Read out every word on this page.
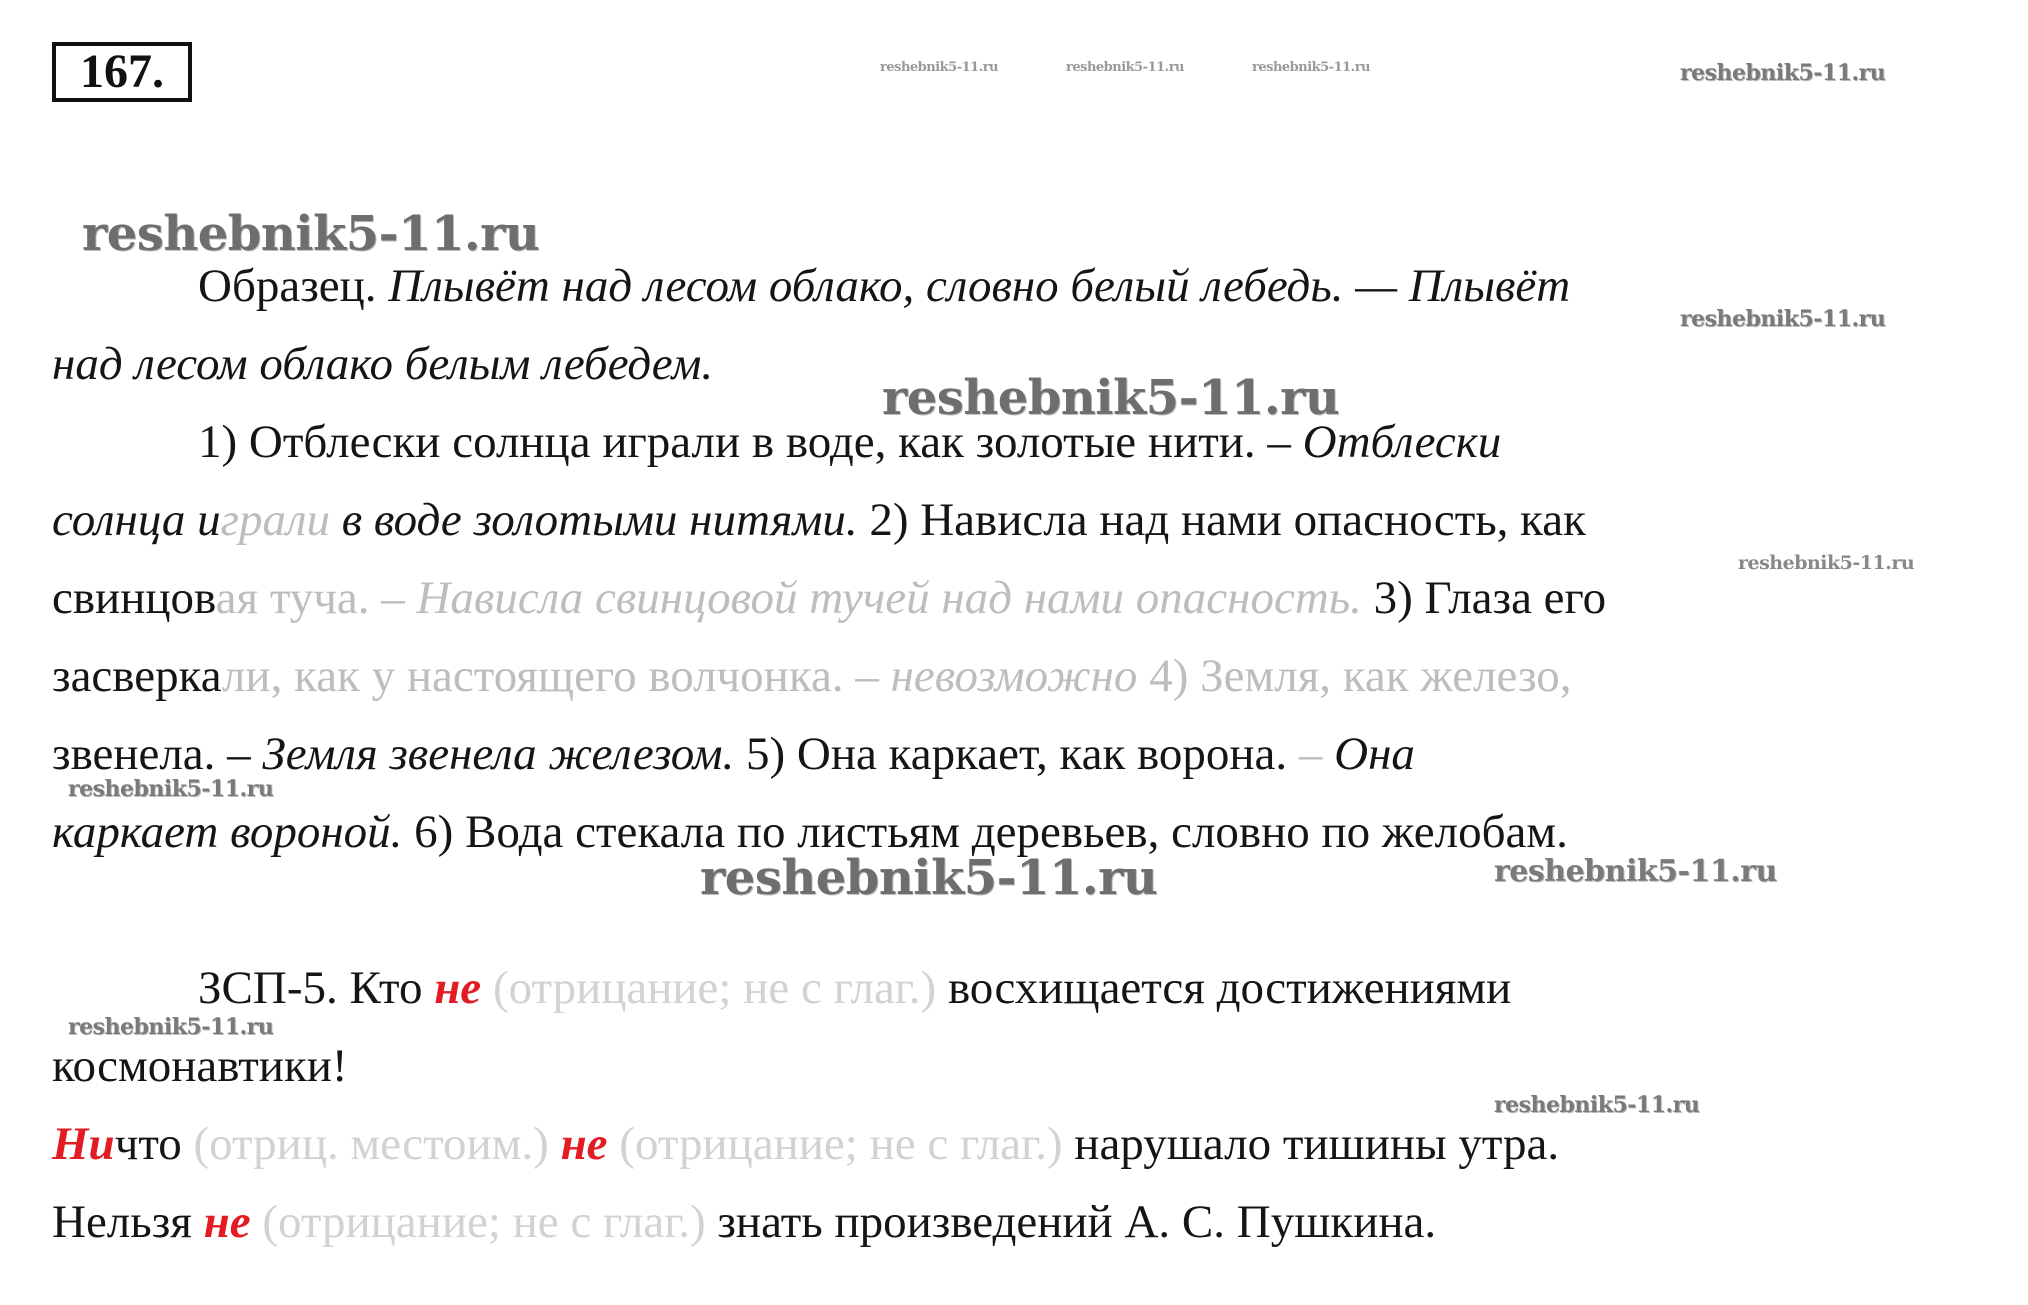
167.	reshebnik5-11.ru	reshebnik5-11.ru	reshebnik5-11.ru	reshebnik5-11.ru
reshebnik5-11.ru
reshebnik5-11.ru
reshebnik5-11.ru
reshebnik5-11.ru
reshebnik5-11.ru
reshebnik5-11.ru	reshebnik5-11.ru
reshebnik5-11.ru
reshebnik5-11.ru
Образец. Плывёт над лесом облако, словно белый лебедь. — Плывёт
над лесом облако белым лебедем.
1) Отблески солнца играли в воде, как золотые нити. – Отблески
солнца играли в воде золотыми нитями. 2) Нависла над нами опасность, как
свинцовая туча. – Нависла свинцовой тучей над нами опасность. 3) Глаза его
засверкали, как у настоящего волчонка. – невозможно 4) Земля, как железо,
звенела. – Земля звенела железом. 5) Она каркает, как ворона. – Она
каркает вороной. 6) Вода стекала по листьям деревьев, словно по желобам.
ЗСП-5. Кто не (отрицание; не с глаг.) восхищается достижениями
космонавтики!
Ничто (отриц. местоим.) не (отрицание; не с глаг.) нарушало тишины утра.
Нельзя не (отрицание; не с глаг.) знать произведений А. С. Пушкина.
